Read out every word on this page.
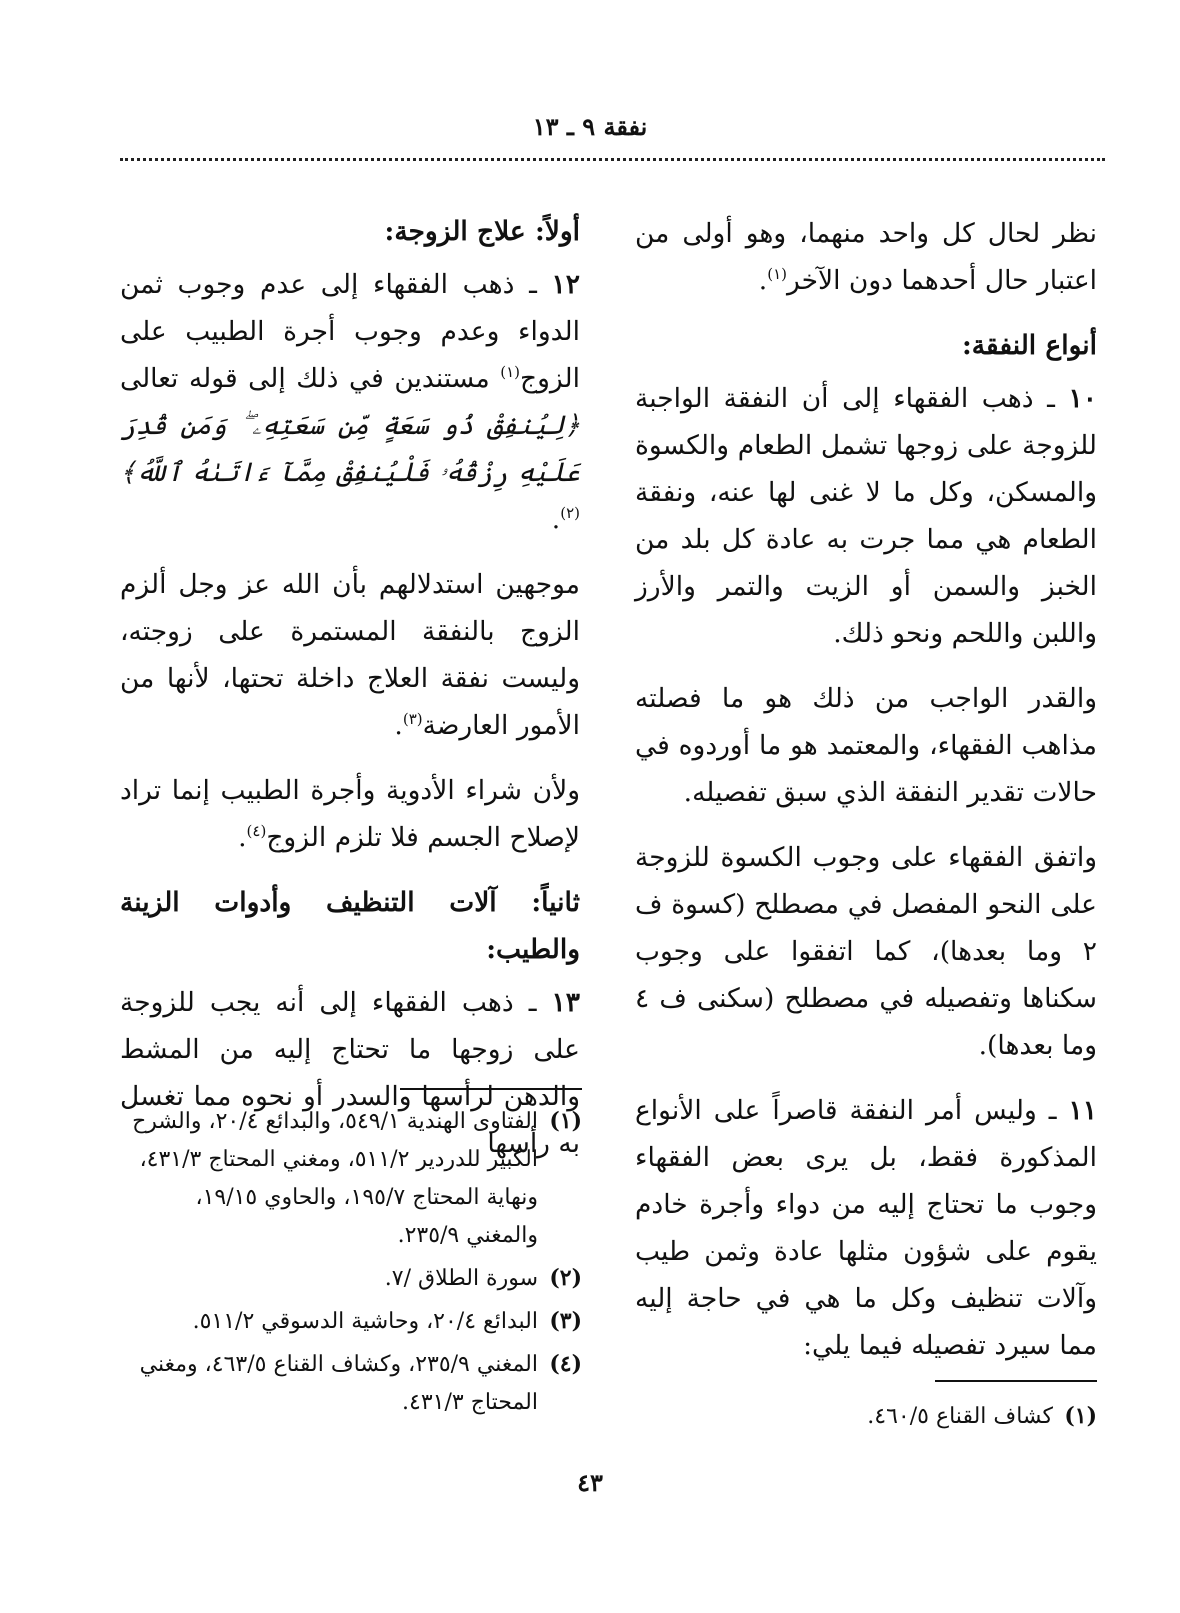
نفقة ٩ ـ ١٣

نظر لحال كل واحد منهما، وهو أولى من اعتبار حال أحدهما دون الآخر$^{(١)}$.

أنواع النفقة:

١٠ ـ ذهب الفقهاء إلى أن النفقة الواجبة للزوجة على زوجها تشمل الطعام والكسوة والمسكن، وكل ما لا غنى لها عنه، ونفقة الطعام هي مما جرت به عادة كل بلد من الخبز والسمن أو الزيت والتمر والأرز واللبن واللحم ونحو ذلك.

والقدر الواجب من ذلك هو ما فصلته مذاهب الفقهاء، والمعتمد هو ما أوردوه في حالات تقدير النفقة الذي سبق تفصيله.

واتفق الفقهاء على وجوب الكسوة للزوجة على النحو المفصل في مصطلح (كسوة ف ٢ وما بعدها)، كما اتفقوا على وجوب سكناها وتفصيله في مصطلح (سكنى ف ٤ وما بعدها).

١١ ـ وليس أمر النفقة قاصراً على الأنواع المذكورة فقط، بل يرى بعض الفقهاء وجوب ما تحتاج إليه من دواء وأجرة خادم يقوم على شؤون مثلها عادة وثمن طيب وآلات تنظيف وكل ما هي في حاجة إليه مما سيرد تفصيله فيما يلي:

أولاً: علاج الزوجة:

١٢ ـ ذهب الفقهاء إلى عدم وجوب ثمن الدواء وعدم وجوب أجرة الطبيب على الزوج$^{(١)}$ مستندين في ذلك إلى قوله تعالى ﴿لِيُنفِقْ ذُو سَعَةٍ مِّن سَعَتِهِۦ ۖ وَمَن قُدِرَ عَلَيْهِ رِزْقُهُۥ فَلْيُنفِقْ مِمَّآ ءَاتَىٰهُ ٱللَّهُ﴾$^{(٢)}$.

موجهين استدلالهم بأن الله عز وجل ألزم الزوج بالنفقة المستمرة على زوجته، وليست نفقة العلاج داخلة تحتها، لأنها من الأمور العارضة$^{(٣)}$.

ولأن شراء الأدوية وأجرة الطبيب إنما تراد لإصلاح الجسم فلا تلزم الزوج$^{(٤)}$.

ثانياً: آلات التنظيف وأدوات الزينة والطيب:

١٣ ـ ذهب الفقهاء إلى أنه يجب للزوجة على زوجها ما تحتاج إليه من المشط والدهن لرأسها والسدر أو نحوه مما تغسل به رأسها

(١)الفتاوى الهندية ٥٤٩/١، والبدائع ٢٠/٤، والشرح الكبير للدردير ٥١١/٢، ومغني المحتاج ٤٣١/٣، ونهاية المحتاج ١٩٥/٧، والحاوي ١٩/١٥، والمغني ٢٣٥/٩.
(٢)سورة الطلاق /٧.
(٣)البدائع ٢٠/٤، وحاشية الدسوقي ٥١١/٢.
(٤)المغني ٢٣٥/٩، وكشاف القناع ٤٦٣/٥، ومغني المحتاج ٤٣١/٣.
(١)كشاف القناع ٤٦٠/٥.
٤٣
